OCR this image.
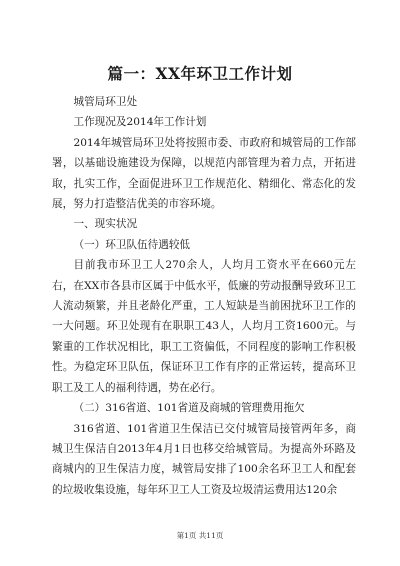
篇一：XX年环卫工作计划

城管局环卫处

工作现况及2014年工作计划

2014年城管局环卫处将按照市委、市政府和城管局的工作部署，以基础设施建设为保障，以规范内部管理为着力点，开拓进取，扎实工作，全面促进环卫工作规范化、精细化、常态化的发展，努力打造整洁优美的市容环境。

一、现实状况

（一）环卫队伍待遇较低

目前我市环卫工人270余人，人均月工资水平在660元左右，在XX市各县市区属于中低水平，低廉的劳动报酬导致环卫工人流动频繁，并且老龄化严重，工人短缺是当前困扰环卫工作的一大问题。环卫处现有在职职工43人，人均月工资1600元。与繁重的工作状况相比，职工工资偏低，不同程度的影响工作积极性。为稳定环卫队伍，保证环卫工作有序的正常运转，提高环卫职工及工人的福利待遇，势在必行。

（二）316省道、101省道及商城的管理费用拖欠

316省道、101省道卫生保洁已交付城管局接管两年多，商城卫生保洁自2013年4月1日也移交给城管局。为提高外环路及商城内的卫生保洁力度，城管局安排了100余名环卫工人和配套的垃圾收集设施，每年环卫工人工资及垃圾清运费用达120余

第1页 共11页
